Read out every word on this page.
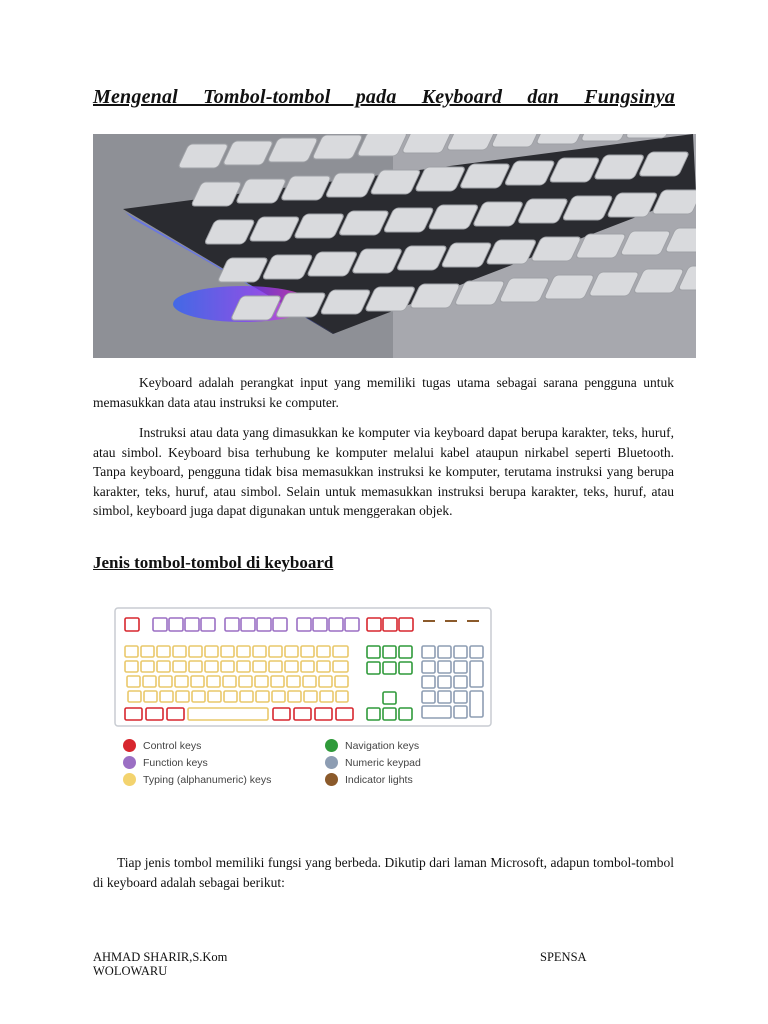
Mengenal Tombol-tombol pada Keyboard dan Fungsinya

Keyboard adalah perangkat input yang memiliki tugas utama sebagai sarana pengguna untuk memasukkan data atau instruksi ke computer.

Instruksi atau data yang dimasukkan ke komputer via keyboard dapat berupa karakter, teks, huruf, atau simbol. Keyboard bisa terhubung ke komputer melalui kabel ataupun nirkabel seperti Bluetooth. Tanpa keyboard, pengguna tidak bisa memasukkan instruksi ke komputer, terutama instruksi yang berupa karakter, teks, huruf, atau simbol. Selain untuk memasukkan instruksi berupa karakter, teks, huruf, atau simbol, keyboard juga dapat digunakan untuk menggerakan objek.

Jenis tombol-tombol di keyboard
Control keys
Function keys
Typing (alphanumeric) keys
Navigation keys
Numeric keypad
Indicator lights

Tiap jenis tombol memiliki fungsi yang berbeda. Dikutip dari laman Microsoft, adapun tombol-tombol di keyboard adalah sebagai berikut:

AHMAD SHARIR,S.Kom WOLOWARU
SPENSA
